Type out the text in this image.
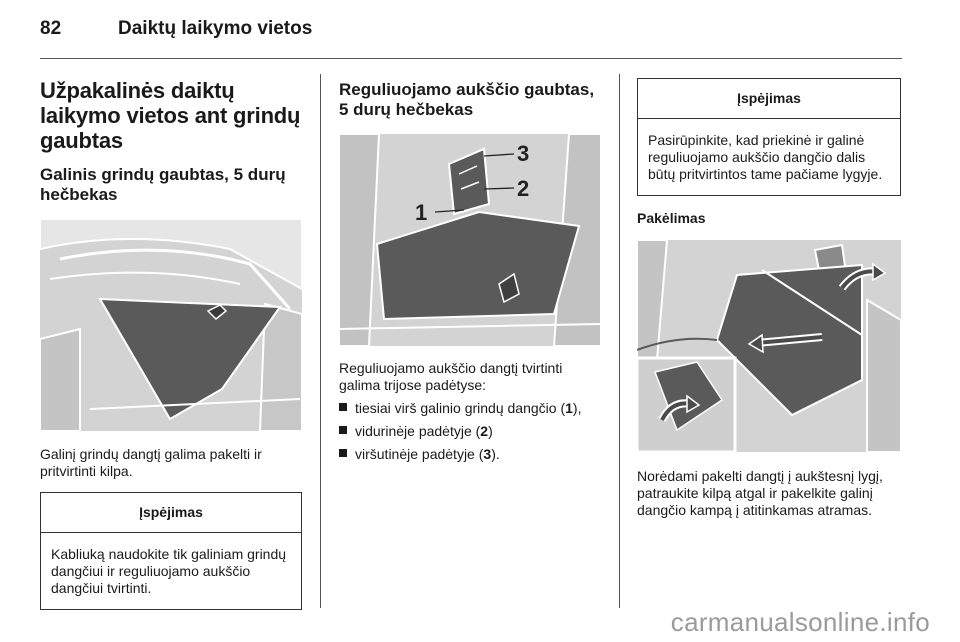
82	Daiktų laikymo vietos
Užpakalinės daiktų laikymo vietos ant grindų gaubtas
Galinis grindų gaubtas, 5 durų hečbekas

Galinį grindų dangtį galima pakelti ir pritvirtinti kilpa.

Įspėjimas
Kabliuką naudokite tik galiniam grindų dangčiui ir reguliuojamo aukščio dangčiui tvirtinti.
Reguliuojamo aukščio gaubtas, 5 durų hečbekas
3
2
1

Reguliuojamo aukščio dangtį tvirtinti galima trijose padėtyse:

tiesiai virš galinio grindų dangčio (1),
vidurinėje padėtyje (2)
viršutinėje padėtyje (3).
Įspėjimas
Pasirūpinkite, kad priekinė ir galinė reguliuojamo aukščio dangčio dalis būtų pritvirtintos tame pačiame lygyje.
Pakėlimas

Norėdami pakelti dangtį į aukštesnį lygį, patraukite kilpą atgal ir pakelkite galinį dangčio kampą į atitinkamas atramas.

carmanualsonline.info
